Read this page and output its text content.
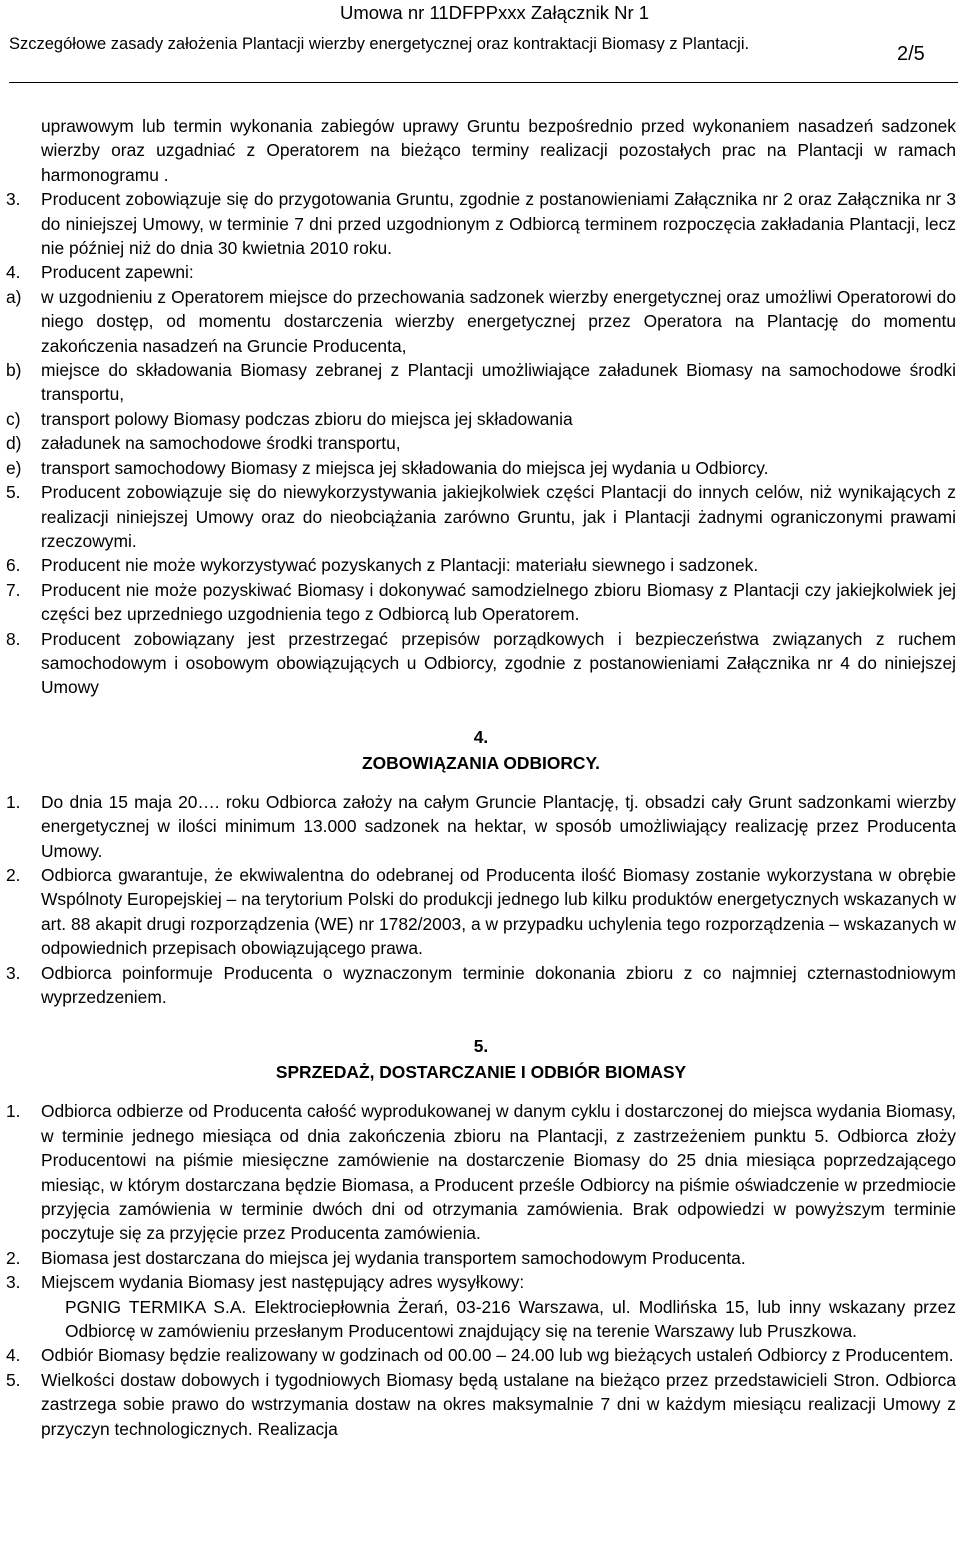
Umowa nr 11DFPPxxx Załącznik Nr 1
Szczegółowe zasady założenia Plantacji wierzby energetycznej oraz kontraktacji Biomasy z Plantacji.	2/5
uprawowym lub termin wykonania zabiegów uprawy Gruntu bezpośrednio przed wykonaniem nasadzeń sadzonek wierzby oraz uzgadniać z Operatorem na bieżąco terminy realizacji pozostałych prac na Plantacji w ramach harmonogramu .
3. Producent zobowiązuje się do przygotowania Gruntu, zgodnie z postanowieniami Załącznika nr 2 oraz Załącznika nr 3 do niniejszej Umowy, w terminie 7 dni przed uzgodnionym z Odbiorcą terminem rozpoczęcia zakładania Plantacji, lecz nie później niż do dnia 30 kwietnia 2010 roku.
4. Producent zapewni:
a) w uzgodnieniu z Operatorem miejsce do przechowania sadzonek wierzby energetycznej oraz umożliwi Operatorowi do niego dostęp, od momentu dostarczenia wierzby energetycznej przez Operatora na Plantację do momentu zakończenia nasadzeń na Gruncie Producenta,
b) miejsce do składowania Biomasy zebranej z Plantacji umożliwiające załadunek Biomasy na samochodowe środki transportu,
c) transport polowy Biomasy podczas zbioru do miejsca jej składowania
d) załadunek na samochodowe środki transportu,
e) transport samochodowy Biomasy z miejsca jej składowania do miejsca jej wydania u Odbiorcy.
5. Producent zobowiązuje się do niewykorzystywania jakiejkolwiek części Plantacji do innych celów, niż wynikających z realizacji niniejszej Umowy oraz do nieobciążania zarówno Gruntu, jak i Plantacji żadnymi ograniczonymi prawami rzeczowymi.
6. Producent nie może wykorzystywać pozyskanych z Plantacji: materiału siewnego i sadzonek.
7. Producent nie może pozyskiwać Biomasy i dokonywać samodzielnego zbioru Biomasy z Plantacji czy jakiejkolwiek jej części bez uprzedniego uzgodnienia tego z Odbiorcą lub Operatorem.
8. Producent zobowiązany jest przestrzegać przepisów porządkowych i bezpieczeństwa związanych z ruchem samochodowym i osobowym obowiązujących u Odbiorcy, zgodnie z postanowieniami Załącznika nr 4 do niniejszej Umowy
4.
ZOBOWIĄZANIA ODBIORCY.
1. Do dnia 15 maja 20…. roku Odbiorca założy na całym Gruncie Plantację, tj. obsadzi cały Grunt sadzonkami wierzby energetycznej w ilości minimum 13.000 sadzonek na hektar, w sposób umożliwiający realizację przez Producenta Umowy.
2. Odbiorca gwarantuje, że ekwiwalentna do odebranej od Producenta ilość Biomasy zostanie wykorzystana w obrębie Wspólnoty Europejskiej – na terytorium Polski do produkcji jednego lub kilku produktów energetycznych wskazanych w art. 88 akapit drugi rozporządzenia (WE) nr 1782/2003, a w przypadku uchylenia tego rozporządzenia – wskazanych w odpowiednich przepisach obowiązującego prawa.
3. Odbiorca poinformuje Producenta o wyznaczonym terminie dokonania zbioru z co najmniej czternastodniowym wyprzedzeniem.
5.
SPRZEDAŻ, DOSTARCZANIE I ODBIÓR BIOMASY
1. Odbiorca odbierze od Producenta całość wyprodukowanej w danym cyklu i dostarczonej do miejsca wydania Biomasy, w terminie jednego miesiąca od dnia zakończenia zbioru na Plantacji, z zastrzeżeniem punktu 5. Odbiorca złoży Producentowi na piśmie miesięczne zamówienie na dostarczenie Biomasy do 25 dnia miesiąca poprzedzającego miesiąc, w którym dostarczana będzie Biomasa, a Producent prześle Odbiorcy na piśmie oświadczenie w przedmiocie przyjęcia zamówienia w terminie dwóch dni od otrzymania zamówienia. Brak odpowiedzi w powyższym terminie poczytuje się za przyjęcie przez Producenta zamówienia.
2. Biomasa jest dostarczana do miejsca jej wydania transportem samochodowym Producenta.
3. Miejscem wydania Biomasy jest następujący adres wysyłkowy:
PGNIG TERMIKA S.A. Elektrociepłownia Żerań, 03-216 Warszawa, ul. Modlińska 15, lub inny wskazany przez Odbiorcę w zamówieniu przesłanym Producentowi znajdujący się na terenie Warszawy lub Pruszkowa.
4. Odbiór Biomasy będzie realizowany w godzinach od 00.00 – 24.00 lub wg bieżących ustaleń Odbiorcy z Producentem.
5. Wielkości dostaw dobowych i tygodniowych Biomasy będą ustalane na bieżąco przez przedstawicieli Stron. Odbiorca zastrzega sobie prawo do wstrzymania dostaw na okres maksymalnie 7 dni w każdym miesiącu realizacji Umowy z przyczyn technologicznych. Realizacja
